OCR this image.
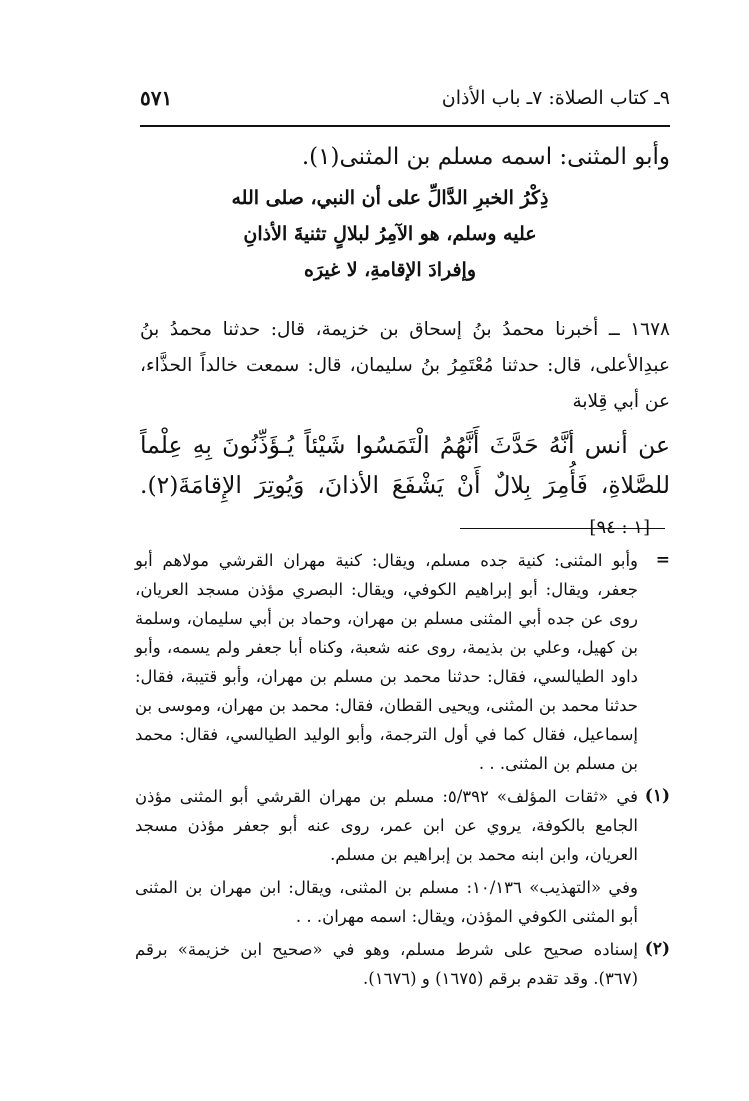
٩ـ كتاب الصلاة: ٧ـ باب الأذان
٥٧١
وأبو المثنى: اسمه مسلم بن المثنى(١).
ذِكْرُ الخبرِ الدَّالِّ على أن النبي، صلى الله عليه وسلم، هو الآمِرُ لبلالٍ تثنيةَ الأذانِ وإفرادَ الإقامةِ، لا غيرَه
١٦٧٨ ــ أخبرنا محمدُ بنُ إسحاق بن خزيمة، قال: حدثنا محمدُ بنُ عبدِالأعلى، قال: حدثنا مُعْتَمِرُ بنُ سليمان، قال: سمعت خالداً الحذَّاء، عن أبي قِلابة
عن أنس أنَّهُ حَدَّثَ أَنَّهُمُ الْتَمَسُوا شَيْئاً يُـؤَذِّنُونَ بِهِ عِلْماً للصَّلاةِ، فَأُمِرَ بِلالٌ أَنْ يَشْفَعَ الأذانَ، وَيُوتِرَ الإِقامَةَ(٢). [١ : ٩٤]
=
وأبو المثنى: كنية جده مسلم، ويقال: كنية مهران القرشي مولاهم أبو جعفر، ويقال: أبو إبراهيم الكوفي، ويقال: البصري مؤذن مسجد العريان، روى عن جده أبي المثنى مسلم بن مهران، وحماد بن أبي سليمان، وسلمة بن كهيل، وعلي بن بذيمة، روى عنه شعبة، وكناه أبا جعفر ولم يسمه، وأبو داود الطيالسي، فقال: حدثنا محمد بن مسلم بن مهران، وأبو قتيبة، فقال: حدثنا محمد بن المثنى، ويحيى القطان، فقال: محمد بن مهران، وموسى بن إسماعيل، فقال كما في أول الترجمة، وأبو الوليد الطيالسي، فقال: محمد بن مسلم بن المثنى. . .
(١)
في «ثقات المؤلف» ٥/٣٩٢: مسلم بن مهران القرشي أبو المثنى مؤذن الجامع بالكوفة، يروي عن ابن عمر، روى عنه أبو جعفر مؤذن مسجد العريان، وابن ابنه محمد بن إبراهيم بن مسلم.
وفي «التهذيب» ١٠/١٣٦: مسلم بن المثنى، ويقال: ابن مهران بن المثنى أبو المثنى الكوفي المؤذن، ويقال: اسمه مهران. . .
(٢)
إسناده صحيح على شرط مسلم، وهو في «صحيح ابن خزيمة» برقم (٣٦٧). وقد تقدم برقم (١٦٧٥) و (١٦٧٦).
